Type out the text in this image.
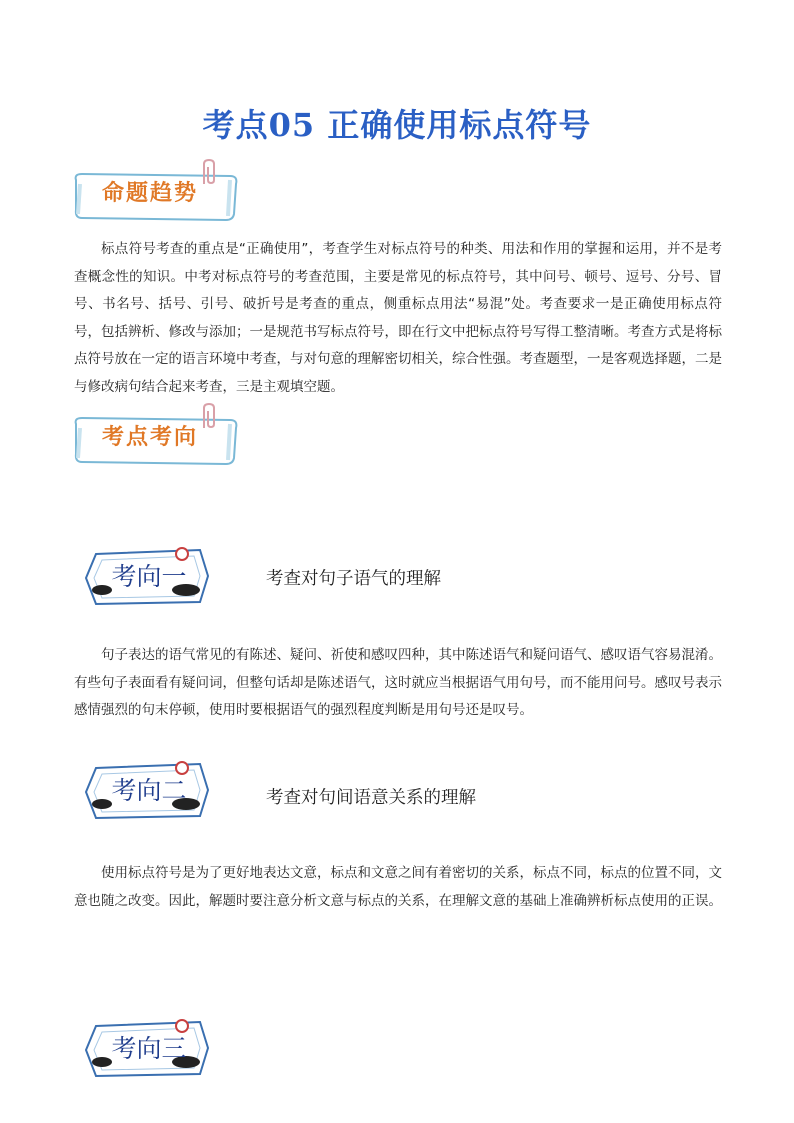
考点05 正确使用标点符号
命题趋势
标点符号考查的重点是“正确使用”，考查学生对标点符号的种类、用法和作用的掌握和运用，并不是考查概念性的知识。中考对标点符号的考查范围，主要是常见的标点符号，其中问号、顿号、逗号、分号、冒号、书名号、括号、引号、破折号是考查的重点，侧重标点用法“易混”处。考查要求一是正确使用标点符号，包括辨析、修改与添加；一是规范书写标点符号，即在行文中把标点符号写得工整清晰。考查方式是将标点符号放在一定的语言环境中考查，与对句意的理解密切相关，综合性强。考查题型，一是客观选择题，二是与修改病句结合起来考查，三是主观填空题。
考点考向
考向一	考查对句子语气的理解
句子表达的语气常见的有陈述、疑问、祈使和感叹四种，其中陈述语气和疑问语气、感叹语气容易混淆。有些句子表面看有疑问词，但整句话却是陈述语气，这时就应当根据语气用句号，而不能用问号。感叹号表示感情强烈的句末停顿，使用时要根据语气的强烈程度判断是用句号还是叹号。
考向二	考查对句间语意关系的理解
使用标点符号是为了更好地表达文意，标点和文意之间有着密切的关系，标点不同，标点的位置不同，文意也随之改变。因此，解题时要注意分析文意与标点的关系，在理解文意的基础上准确辨析标点使用的正误。
考向三
